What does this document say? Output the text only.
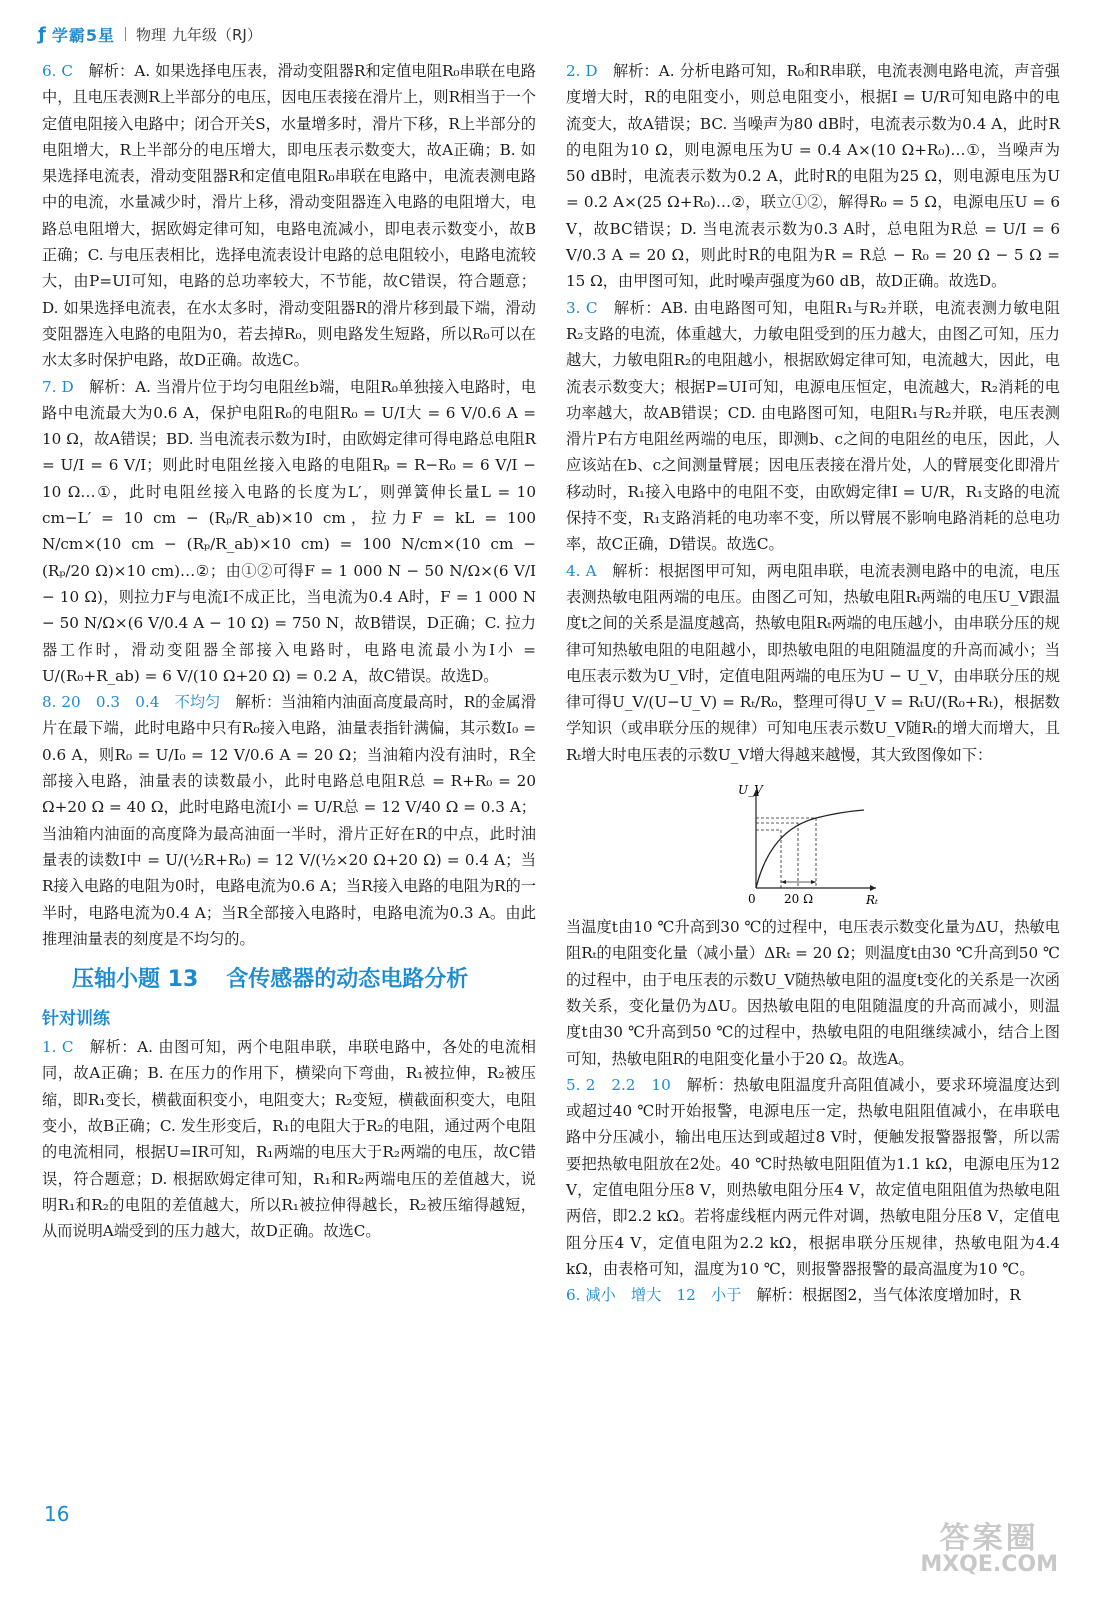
ƒ 学霸5星 物理 九年级（RJ）

6. C　 解析：A. 如果选择电压表，滑动变阻器R和定值电阻R₀串联在电路中，且电压表测R上半部分的电压，因电压表接在滑片上，则R相当于一个定值电阻接入电路中；闭合开关S，水量增多时，滑片下移，R上半部分的电阻增大，R上半部分的电压增大，即电压表示数变大，故A正确；B. 如果选择电流表，滑动变阻器R和定值电阻R₀串联在电路中，电流表测电路中的电流，水量减少时，滑片上移，滑动变阻器连入电路的电阻增大，电路总电阻增大，据欧姆定律可知，电路电流减小，即电表示数变小，故B正确；C. 与电压表相比，选择电流表设计电路的总电阻较小，电路电流较大，由P=UI可知，电路的总功率较大，不节能，故C错误，符合题意；D. 如果选择电流表，在水太多时，滑动变阻器R的滑片移到最下端，滑动变阻器连入电路的电阻为0，若去掉R₀，则电路发生短路，所以R₀可以在水太多时保护电路，故D正确。故选C。

7. D　 解析：A. 当滑片位于均匀电阻丝b端，电阻R₀单独接入电路时，电路中电流最大为0.6 A，保护电阻R₀的电阻R₀ = U/I大 = 6 V/0.6 A = 10 Ω，故A错误；BD. 当电流表示数为I时，由欧姆定律可得电路总电阻R = U/I = 6 V/I；则此时电阻丝接入电路的电阻Rₚ = R−R₀ = 6 V/I − 10 Ω…①，此时电阻丝接入电路的长度为L′，则弹簧伸长量L = 10 cm−L′ = 10 cm − (Rₚ/R_ab)×10 cm，拉力F = kL = 100 N/cm×(10 cm − (Rₚ/R_ab)×10 cm) = 100 N/cm×(10 cm − (Rₚ/20 Ω)×10 cm)…②；由①②可得F = 1 000 N − 50 N/Ω×(6 V/I − 10 Ω)，则拉力F与电流I不成正比，当电流为0.4 A时，F = 1 000 N − 50 N/Ω×(6 V/0.4 A − 10 Ω) = 750 N，故B错误，D正确；C. 拉力器工作时，滑动变阻器全部接入电路时，电路电流最小为I小 = U/(R₀+R_ab) = 6 V/(10 Ω+20 Ω) = 0.2 A，故C错误。故选D。

8. 20　0.3　0.4　不均匀　 解析：当油箱内油面高度最高时，R的金属滑片在最下端，此时电路中只有R₀接入电路，油量表指针满偏，其示数I₀ = 0.6 A，则R₀ = U/I₀ = 12 V/0.6 A = 20 Ω；当油箱内没有油时，R全部接入电路，油量表的读数最小，此时电路总电阻R总 = R+R₀ = 20 Ω+20 Ω = 40 Ω，此时电路电流I小 = U/R总 = 12 V/40 Ω = 0.3 A；当油箱内油面的高度降为最高油面一半时，滑片正好在R的中点，此时油量表的读数I中 = U/(½R+R₀) = 12 V/(½×20 Ω+20 Ω) = 0.4 A；当R接入电路的电阻为0时，电路电流为0.6 A；当R接入电路的电阻为R的一半时，电路电流为0.4 A；当R全部接入电路时，电路电流为0.3 A。由此推理油量表的刻度是不均匀的。

压轴小题 13 含传感器的动态电路分析
针对训练

1. C　 解析：A. 由图可知，两个电阻串联，串联电路中，各处的电流相同，故A正确；B. 在压力的作用下，横梁向下弯曲，R₁被拉伸，R₂被压缩，即R₁变长，横截面积变小，电阻变大；R₂变短，横截面积变大，电阻变小，故B正确；C. 发生形变后，R₁的电阻大于R₂的电阻，通过两个电阻的电流相同，根据U=IR可知，R₁两端的电压大于R₂两端的电压，故C错误，符合题意；D. 根据欧姆定律可知，R₁和R₂两端电压的差值越大，说明R₁和R₂的电阻的差值越大，所以R₁被拉伸得越长，R₂被压缩得越短，从而说明A端受到的压力越大，故D正确。故选C。

2. D　 解析：A. 分析电路可知，R₀和R串联，电流表测电路电流，声音强度增大时，R的电阻变小，则总电阻变小，根据I = U/R可知电路中的电流变大，故A错误；BC. 当噪声为80 dB时，电流表示数为0.4 A，此时R的电阻为10 Ω，则电源电压为U = 0.4 A×(10 Ω+R₀)…①，当噪声为50 dB时，电流表示数为0.2 A，此时R的电阻为25 Ω，则电源电压为U = 0.2 A×(25 Ω+R₀)…②，联立①②，解得R₀ = 5 Ω，电源电压U = 6 V，故BC错误；D. 当电流表示数为0.3 A时，总电阻为R总 = U/I = 6 V/0.3 A = 20 Ω，则此时R的电阻为R = R总 − R₀ = 20 Ω − 5 Ω = 15 Ω，由甲图可知，此时噪声强度为60 dB，故D正确。故选D。

3. C　 解析：AB. 由电路图可知，电阻R₁与R₂并联，电流表测力敏电阻R₂支路的电流，体重越大，力敏电阻受到的压力越大，由图乙可知，压力越大，力敏电阻R₂的电阻越小，根据欧姆定律可知，电流越大，因此，电流表示数变大；根据P=UI可知，电源电压恒定，电流越大，R₂消耗的电功率越大，故AB错误；CD. 由电路图可知，电阻R₁与R₂并联，电压表测滑片P右方电阻丝两端的电压，即测b、c之间的电阻丝的电压，因此，人应该站在b、c之间测量臂展；因电压表接在滑片处，人的臂展变化即滑片移动时，R₁接入电路中的电阻不变，由欧姆定律I = U/R，R₁支路的电流保持不变，R₁支路消耗的电功率不变，所以臂展不影响电路消耗的总电功率，故C正确，D错误。故选C。

4. A　 解析：根据图甲可知，两电阻串联，电流表测电路中的电流，电压表测热敏电阻两端的电压。由图乙可知，热敏电阻Rₜ两端的电压U_V跟温度t之间的关系是温度越高，热敏电阻Rₜ两端的电压越小，由串联分压的规律可知热敏电阻的电阻越小，即热敏电阻的电阻随温度的升高而减小；当电压表示数为U_V时，定值电阻两端的电压为U − U_V，由串联分压的规律可得U_V/(U−U_V) = Rₜ/R₀，整理可得U_V = RₜU/(R₀+Rₜ)，根据数学知识（或串联分压的规律）可知电压表示数U_V随Rₜ的增大而增大，且Rₜ增大时电压表的示数U_V增大得越来越慢，其大致图像如下：

U_V
Rₜ
0 20 Ω

当温度t由10 ℃升高到30 ℃的过程中，电压表示数变化量为ΔU，热敏电阻Rₜ的电阻变化量（减小量）ΔRₜ = 20 Ω；则温度t由30 ℃升高到50 ℃的过程中，由于电压表的示数U_V随热敏电阻的温度t变化的关系是一次函数关系，变化量仍为ΔU。因热敏电阻的电阻随温度的升高而减小，则温度t由30 ℃升高到50 ℃的过程中，热敏电阻的电阻继续减小，结合上图可知，热敏电阻R的电阻变化量小于20 Ω。故选A。

5. 2　2.2　10　 解析：热敏电阻温度升高阻值减小，要求环境温度达到或超过40 ℃时开始报警，电源电压一定，热敏电阻阻值减小，在串联电路中分压减小，输出电压达到或超过8 V时，便触发报警器报警，所以需要把热敏电阻放在2处。40 ℃时热敏电阻阻值为1.1 kΩ，电源电压为12 V，定值电阻分压8 V，则热敏电阻分压4 V，故定值电阻阻值为热敏电阻两倍，即2.2 kΩ。若将虚线框内两元件对调，热敏电阻分压8 V，定值电阻分压4 V，定值电阻为2.2 kΩ，根据串联分压规律，热敏电阻为4.4 kΩ，由表格可知，温度为10 ℃，则报警器报警的最高温度为10 ℃。

6. 减小　增大　12　小于　 解析：根据图2，当气体浓度增加时，R

16
答案圈
MXQE.COM
